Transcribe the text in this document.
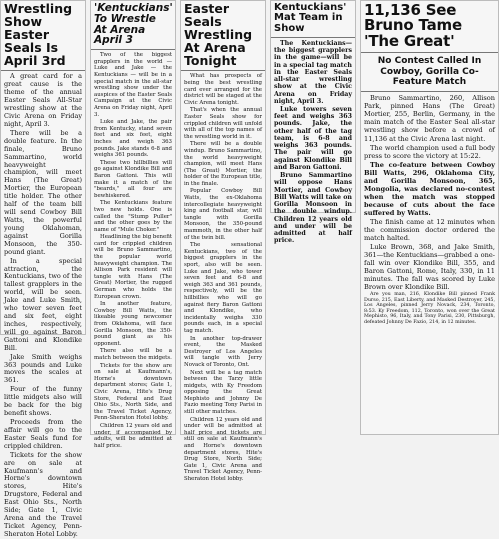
Wrestling Show Easter Seals Is April 3rd

A great card for a great cause is the theme of the annual Easter Seals All-Star wrestling show at the Civic Arena on Friday night, April 3.

There will be a double feature. In the finale, Bruno Sammartino, world heavyweight champion, will meet Hans (The Great) Mortier, the European title holder. The other half of the team bill will send Cowboy Bill Watts, the powerful young Oklahoman, against Gorilla Monsoon, the 350-pound giant.

In a special attraction, the Kentuckians, two of the tallest grapplers in the world, will be seen. Jake and Luke Smith, who tower seven feet and six feet, eight inches, respectively, will go against Baron Gattoni and Klondike Bill.

Jake Smith weighs 363 pounds and Luke moves the scales at 361.

Four of the funny little midgets also will be back for the big benefit shows.

Proceeds from the affair will go to the Easter Seals fund for crippled children.

Tickets for the show are on sale at Kaufmann's and Horne's downtown stores, Hite's Drugstore, Federal and East Ohio Sts., North Side; Gate 1, Civic Arena and the Travel Ticket Agency, Penn-Sheraton Hotel Lobby.

'Kentuckians' To Wrestle At Arena April 3

Two of the biggest grapplers in the world — Luke and Jake — the Kentuckians — will be in a special match in the all-star wrestling show under the auspices of the Easter Seals Campaign at the Civic Arena on Friday night, April 3.

Luke and Jake, the pair from Kentucky, stand seven feet and six feet, eight inches and weigh 363 pounds. Jake stands 6-8 and weighs 361 pounds.

These two hillbillies will go against Klondike Bill and Baron Gattoni. This will make it a match of the "beards," all four are bewhiskered.

The Kentuckians feature two new holds. One is called the "Stump Puller" and the other goes by the name of "Mule Choker."

Headlining the big benefit card for crippled children will be Bruno Sammartino, the popular world heavyweight champion. The Allison Park resident will tangle with Hans (The Great) Mortier, the rugged German who holds the European crown.

In another feature, Cowboy Bill Watts, the likeable young newcomer from Oklahoma, will face Gorilla Monsoon, the 350-pound giant as his opponent.

There also will be a match between the midgets.

Tickets for the show are on sale at Kaufmann's, Horne's downtown department stores; Gate 1, Civic Arena, Hite's Drug Store, Federal and East Ohio Sts., North Side, and the Travel Ticket Agency, Penn-Sheraton Hotel lobby.

Children 12 years old and under, if accompanied by adults, will be admitted at half price.

Easter Seals Wrestling At Arena Tonight

What has prospects of being the best wrestling card ever arranged for the district will be staged at the Civic Arena tonight.

That's when the annual Easter Seals show for crippled children will unfold with all of the top names of the wrestling world in it.

There will be a double windup. Bruno Sammartino, the world heavyweight champion, will meet Hans (The Great) Mortier, the holder of the European title, in the finale.

Popular Cowboy Bill Watts, the ex-Oklahoma intercollegiate heavyweight king and football star, will tangle with Gorilla Monsoon, the 350-pound mammoth, in the other half of the twin bill.

The sensational Kentuckians, two of the biggest grapplers in the sport, also will be seen. Luke and Jake, who tower seven feet and 6-8 and weigh 363 and 361 pounds, respectively, will be the hillbillies who will go against fiery Baron Gattoni and Klondike, who incidentally weighs 330 pounds each, in a special tag match.

In another top-drawer event, the Masked Destroyer of Los Angeles will tangle with Jerry Novack of Toronto, Ont.

Next will be a tag match between the Tarzy little midgets, with Ky Freedom opposing the Great Mephisto and Johnny De Fazio meeting Tony Parisi in still other matches.

Children 12 years old and under will be admitted at half price and tickets are still on sale at Kaufmann's and Horne's downtown department stores, Hite's Drug Store, North Side; Gate 1, Civic Arena and Travel Ticket Agency, Penn-Sheraton Hotel lobby.

Kentuckians' Mat Team in Show

The Kentuckians—the biggest grapplers in the game—will be in a special tag match in the Easter Seals all-star wrestling show at the Civic Arena on Friday night, April 3.

Luke towers seven feet and weighs 363 pounds. Jake, the other half of the tag team, is 6-8 and weighs 363 pounds. The pair will go against Klondike Bill and Baron Gattoni.

Bruno Sammartino will oppose Hans Mortier, and Cowboy Bill Watts will take on Gorilla Monsoon in the double windup. Children 12 years old and under will be admitted at half price.

11,136 See Bruno Tame 'The Great'
No Contest Called In Cowboy, Gorilla Co-Feature Match

Bruno Sammartino, 260, Allison Park, pinned Hans (The Great) Mortier, 255, Berlin, Germany, in the main match of the Easter Seal all-star wrestling show before a crowd of 11,136 at the Civic Arena last night.

The world champion used a full body press to score the victory at 15:22.

The co-feature between Cowboy Bill Watts, 296, Oklahoma City, and Gorilla Monsoon, 365, Mongolia, was declared no-contest when the match was stopped because of cuts about the face suffered by Watts.

The finish came at 12 minutes when the commission doctor ordered the match halted.

Luke Brown, 368, and Jake Smith, 361—the Kentuckians—grabbed a one-fall win over Klondike Bill, 355, and Baron Gattoni, Rome, Italy, 330, in 11 minutes. The fall was scored by Luke Brown over Klondike Bill.

Are you man, 216, Klondike Bill pinned Frank Durso, 215, East Liberty, and Masked Destroyer, 245, Los Angeles, pinned Jerry Novack, 234, Toronto, 8:53. Ky Freedom, 112, Toronto, won over the Great Mephisto, 96, Italy, and Tony Parisi, 230, Pittsburgh, defeated Johnny De Fazio, 214, in 12 minutes.
